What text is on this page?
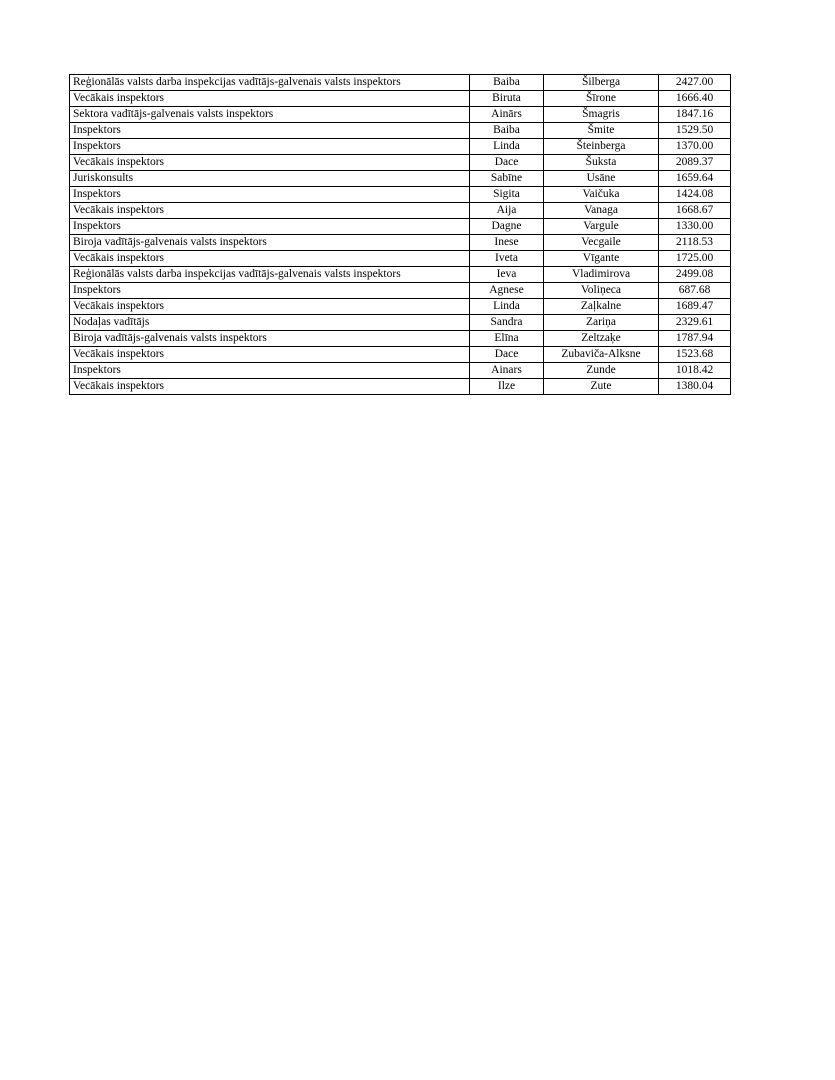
Reģionālās valsts darba inspekcijas vadītājs-galvenais valsts inspektors	Baiba	Šilberga	2427.00
Vecākais inspektors	Biruta	Šīrone	1666.40
Sektora vadītājs-galvenais valsts inspektors	Ainārs	Šmagris	1847.16
Inspektors	Baiba	Šmite	1529.50
Inspektors	Linda	Šteinberga	1370.00
Vecākais inspektors	Dace	Šuksta	2089.37
Juriskonsults	Sabīne	Usāne	1659.64
Inspektors	Sigita	Vaičuka	1424.08
Vecākais inspektors	Aija	Vanaga	1668.67
Inspektors	Dagne	Vargule	1330.00
Biroja vadītājs-galvenais valsts inspektors	Inese	Vecgaile	2118.53
Vecākais inspektors	Iveta	Vīgante	1725.00
Reģionālās valsts darba inspekcijas vadītājs-galvenais valsts inspektors	Ieva	Vladimirova	2499.08
Inspektors	Agnese	Voliņeca	687.68
Vecākais inspektors	Linda	Zaļkalne	1689.47
Nodaļas vadītājs	Sandra	Zariņa	2329.61
Biroja vadītājs-galvenais valsts inspektors	Elīna	Zeltzaķe	1787.94
Vecākais inspektors	Dace	Zubaviča-Alksne	1523.68
Inspektors	Ainars	Zunde	1018.42
Vecākais inspektors	Ilze	Zute	1380.04
